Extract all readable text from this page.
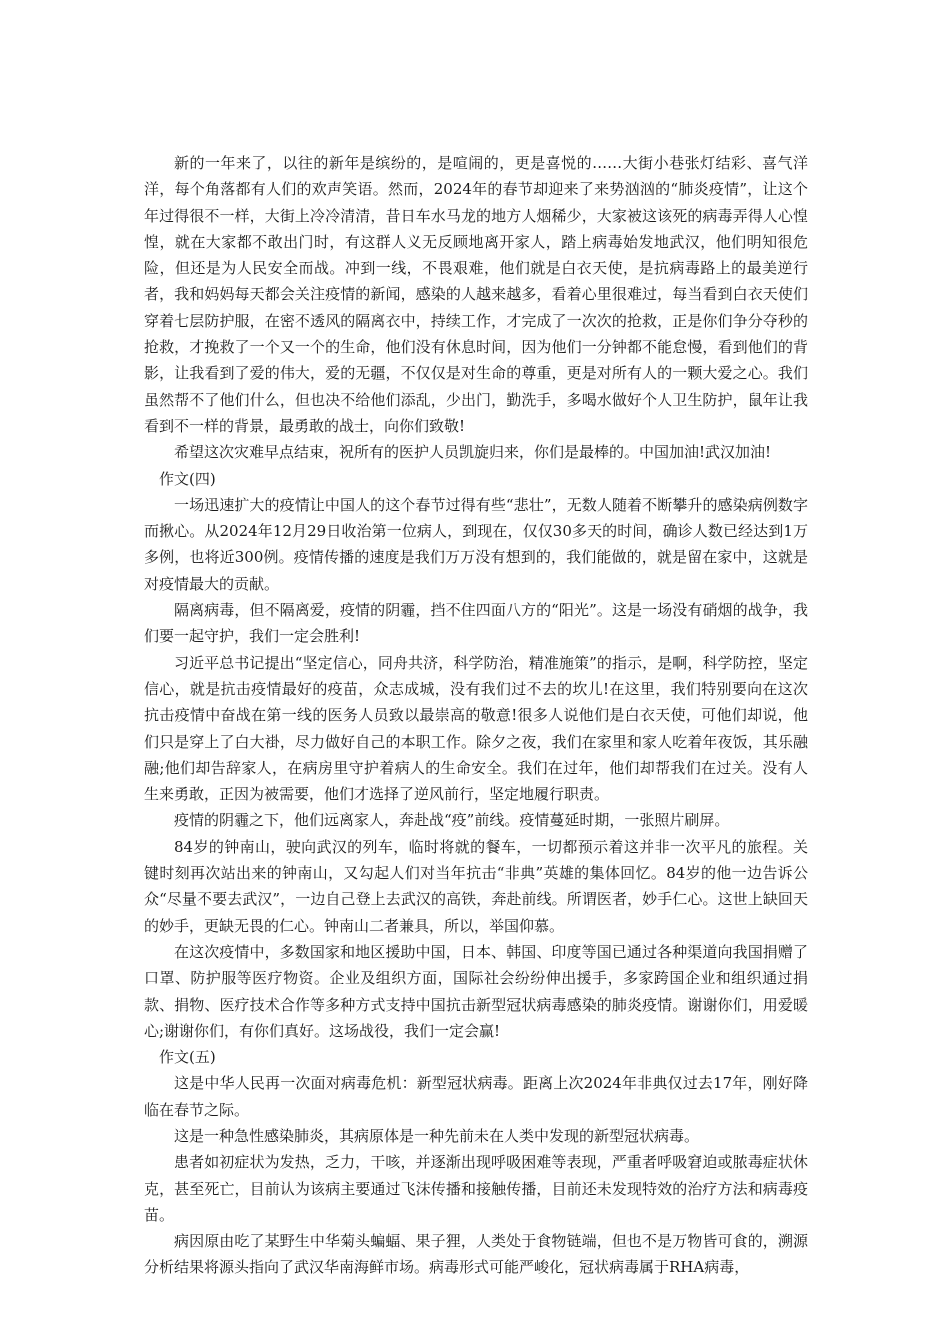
新的一年来了，以往的新年是缤纷的，是喧闹的，更是喜悦的……大街小巷张灯结彩、喜气洋洋，每个角落都有人们的欢声笑语。然而，2024年的春节却迎来了来势汹汹的“肺炎疫情”，让这个年过得很不一样，大街上冷冷清清，昔日车水马龙的地方人烟稀少，大家被这该死的病毒弄得人心惶惶，就在大家都不敢出门时，有这群人义无反顾地离开家人，踏上病毒始发地武汉，他们明知很危险，但还是为人民安全而战。冲到一线，不畏艰难，他们就是白衣天使，是抗病毒路上的最美逆行者，我和妈妈每天都会关注疫情的新闻，感染的人越来越多，看着心里很难过，每当看到白衣天使们穿着七层防护服，在密不透风的隔离衣中，持续工作，才完成了一次次的抢救，正是你们争分夺秒的抢救，才挽救了一个又一个的生命，他们没有休息时间，因为他们一分钟都不能怠慢，看到他们的背影，让我看到了爱的伟大，爱的无疆，不仅仅是对生命的尊重，更是对所有人的一颗大爱之心。我们虽然帮不了他们什么，但也决不给他们添乱，少出门，勤洗手，多喝水做好个人卫生防护，鼠年让我看到不一样的背景，最勇敢的战士，向你们致敬!

希望这次灾难早点结束，祝所有的医护人员凯旋归来，你们是最棒的。中国加油!武汉加油!

作文(四)

一场迅速扩大的疫情让中国人的这个春节过得有些“悲壮”，无数人随着不断攀升的感染病例数字而揪心。从2024年12月29日收治第一位病人，到现在，仅仅30多天的时间，确诊人数已经达到1万多例，也将近300例。疫情传播的速度是我们万万没有想到的，我们能做的，就是留在家中，这就是对疫情最大的贡献。

隔离病毒，但不隔离爱，疫情的阴霾，挡不住四面八方的“阳光”。这是一场没有硝烟的战争，我们要一起守护，我们一定会胜利!

习近平总书记提出“坚定信心，同舟共济，科学防治，精准施策”的指示，是啊，科学防控，坚定信心，就是抗击疫情最好的疫苗，众志成城，没有我们过不去的坎儿!在这里，我们特别要向在这次抗击疫情中奋战在第一线的医务人员致以最崇高的敬意!很多人说他们是白衣天使，可他们却说，他们只是穿上了白大褂，尽力做好自己的本职工作。除夕之夜，我们在家里和家人吃着年夜饭，其乐融融;他们却告辞家人，在病房里守护着病人的生命安全。我们在过年，他们却帮我们在过关。没有人生来勇敢，正因为被需要，他们才选择了逆风前行，坚定地履行职责。

疫情的阴霾之下，他们远离家人，奔赴战“疫”前线。疫情蔓延时期，一张照片刷屏。

84岁的钟南山，驶向武汉的列车，临时将就的餐车，一切都预示着这并非一次平凡的旅程。关键时刻再次站出来的钟南山，又勾起人们对当年抗击“非典”英雄的集体回忆。84岁的他一边告诉公众“尽量不要去武汉”，一边自己登上去武汉的高铁，奔赴前线。所谓医者，妙手仁心。这世上缺回天的妙手，更缺无畏的仁心。钟南山二者兼具，所以，举国仰慕。

在这次疫情中，多数国家和地区援助中国，日本、韩国、印度等国已通过各种渠道向我国捐赠了口罩、防护服等医疗物资。企业及组织方面，国际社会纷纷伸出援手，多家跨国企业和组织通过捐款、捐物、医疗技术合作等多种方式支持中国抗击新型冠状病毒感染的肺炎疫情。谢谢你们，用爱暖心;谢谢你们，有你们真好。这场战役，我们一定会赢!

作文(五)

这是中华人民再一次面对病毒危机：新型冠状病毒。距离上次2024年非典仅过去17年，刚好降临在春节之际。

这是一种急性感染肺炎，其病原体是一种先前未在人类中发现的新型冠状病毒。

患者如初症状为发热，乏力，干咳，并逐渐出现呼吸困难等表现，严重者呼吸窘迫或脓毒症状休克，甚至死亡，目前认为该病主要通过飞沫传播和接触传播，目前还未发现特效的治疗方法和病毒疫苗。

病因原由吃了某野生中华菊头蝙蝠、果子狸，人类处于食物链端，但也不是万物皆可食的，溯源分析结果将源头指向了武汉华南海鲜市场。病毒形式可能严峻化，冠状病毒属于RHA病毒，
